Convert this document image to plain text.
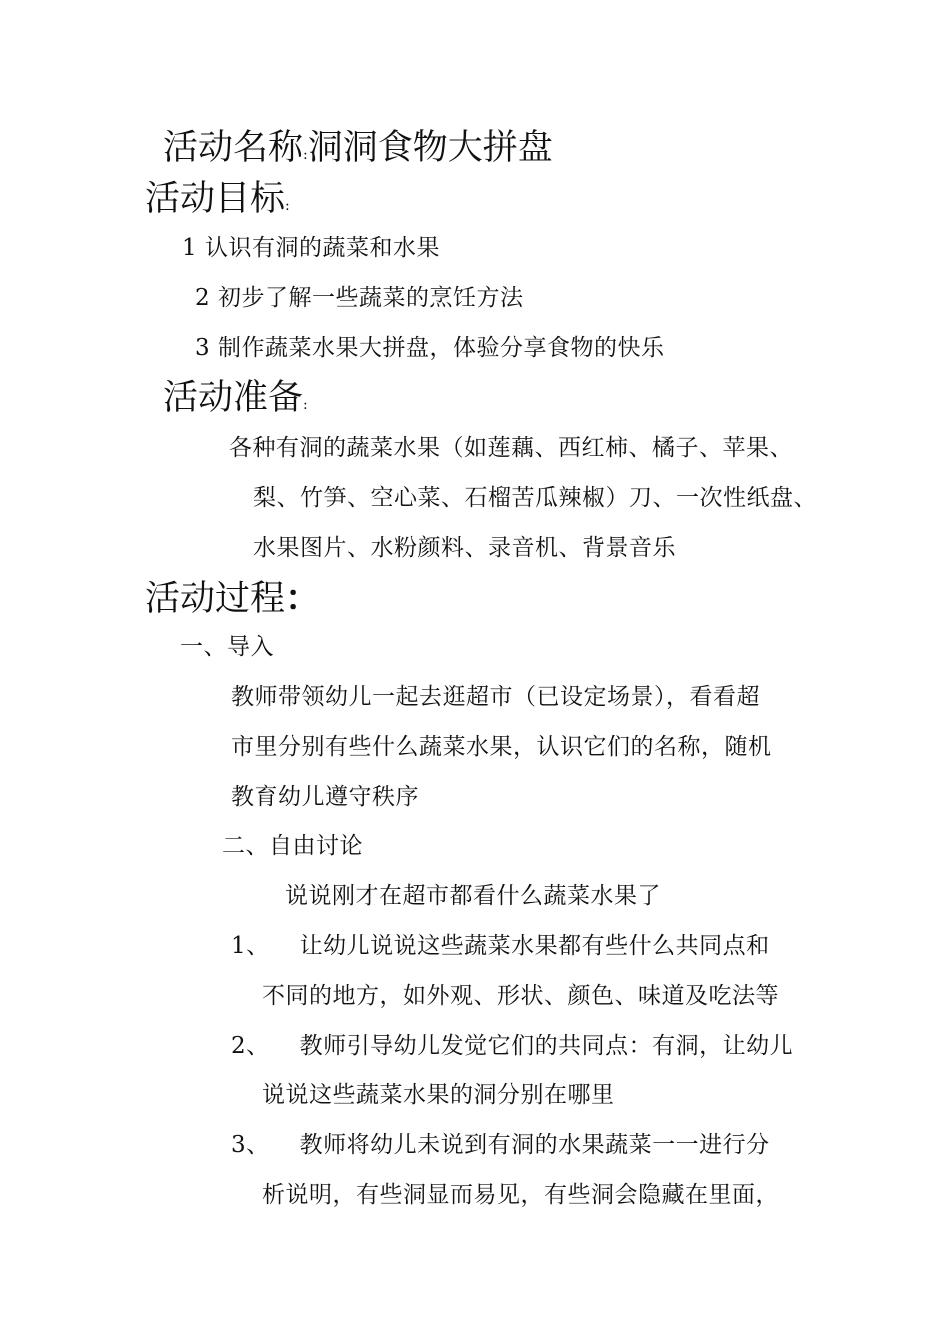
活动名称:洞洞食物大拼盘
活动目标:
1 认识有洞的蔬菜和水果
2 初步了解一些蔬菜的烹饪方法
3 制作蔬菜水果大拼盘，体验分享食物的快乐
活动准备:
各种有洞的蔬菜水果（如莲藕、西红柿、橘子、苹果、
梨、竹笋、空心菜、石榴苦瓜辣椒）刀、一次性纸盘、
水果图片、水粉颜料、录音机、背景音乐
活动过程：
一、导入
教师带领幼儿一起去逛超市（已设定场景），看看超
市里分别有些什么蔬菜水果，认识它们的名称，随机
教育幼儿遵守秩序
二、自由讨论
说说刚才在超市都看什么蔬菜水果了
1、 让幼儿说说这些蔬菜水果都有些什么共同点和
不同的地方，如外观、形状、颜色、味道及吃法等
2、 教师引导幼儿发觉它们的共同点：有洞，让幼儿
说说这些蔬菜水果的洞分别在哪里
3、 教师将幼儿未说到有洞的水果蔬菜一一进行分
析说明，有些洞显而易见，有些洞会隐藏在里面，
